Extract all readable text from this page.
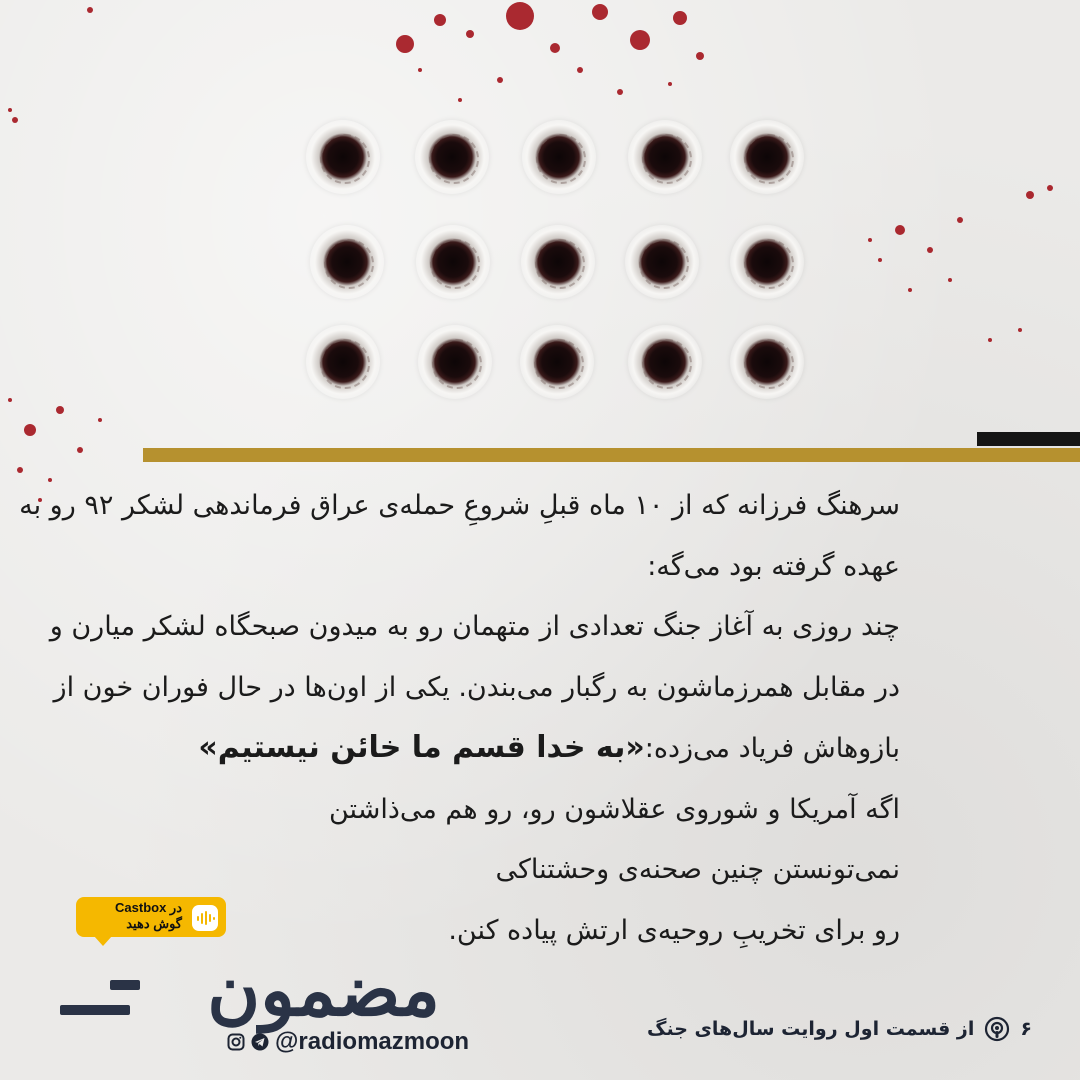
سرهنگ فرزانه که از ۱۰ ماه قبلِ شروعِ حمله‌ی عراق فرماندهی لشکر ۹۲ رو به
عهده گرفته بود می‌گه:
چند روزی به آغاز جنگ تعدادی از متهمان رو به میدون صبحگاه لشکر میارن و
در مقابل همرزماشون به رگبار می‌بندن. یکی از اون‌ها در حال فوران خون از
بازوهاش فریاد می‌زده:«به خدا قسم ما خائن نیستیم»
اگه آمریکا و شوروی عقلاشون رو، رو هم می‌ذاشتن
نمی‌تونستن چنین صحنه‌ی وحشتناکی
رو برای تخریبِ روحیه‌ی ارتش پیاده کنن.
در Castbox
گوش دهید
مضمون
@radiomazmoon	۶
از قسمت اول روایت سال‌های جنگ
